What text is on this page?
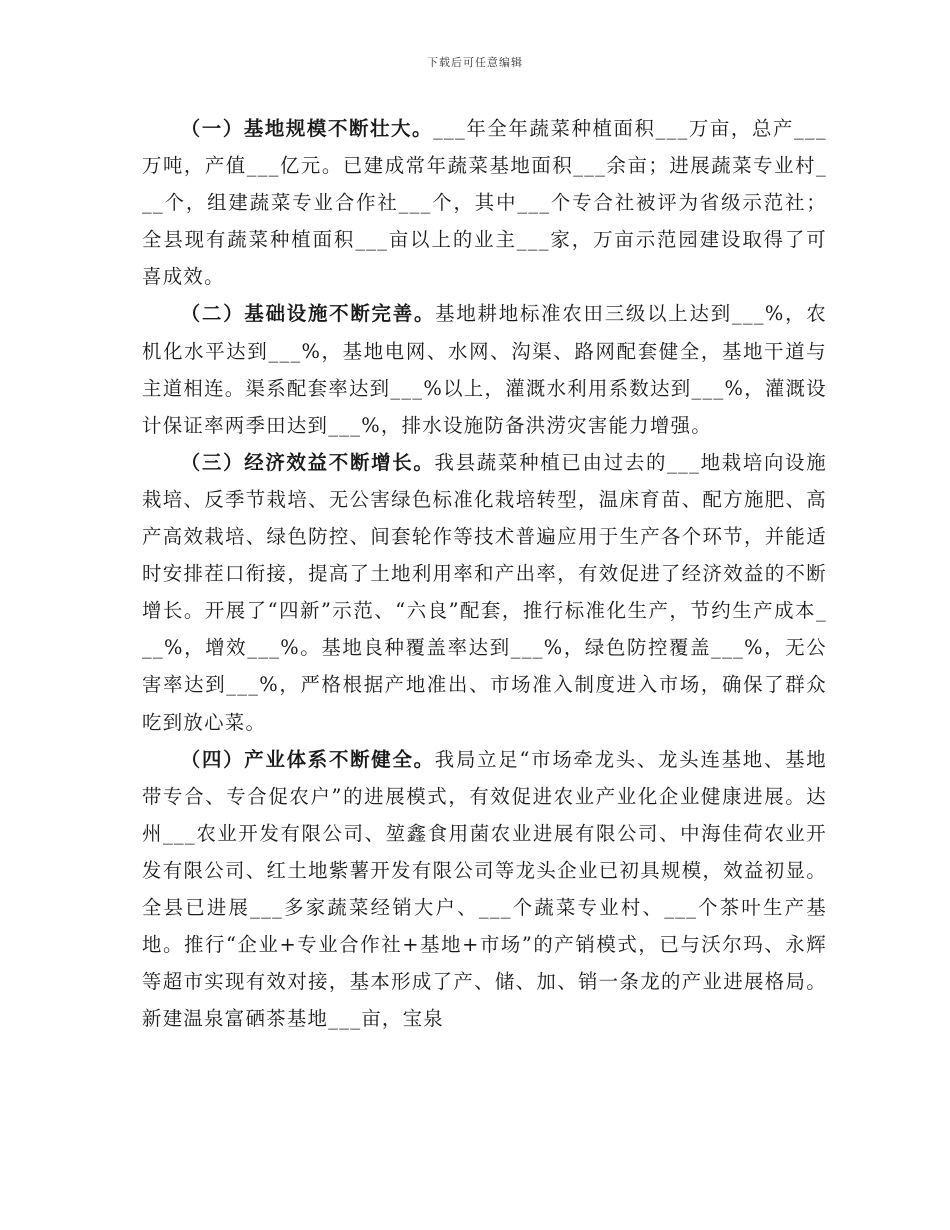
下载后可任意编辑

（一）基地规模不断壮大。___年全年蔬菜种植面积___万亩，总产___万吨，产值___亿元。已建成常年蔬菜基地面积___余亩；进展蔬菜专业村___个，组建蔬菜专业合作社___个，其中___个专合社被评为省级示范社；全县现有蔬菜种植面积___亩以上的业主___家，万亩示范园建设取得了可喜成效。

（二）基础设施不断完善。基地耕地标准农田三级以上达到___%，农机化水平达到___%，基地电网、水网、沟渠、路网配套健全，基地干道与主道相连。渠系配套率达到___%以上，灌溉水利用系数达到___%，灌溉设计保证率两季田达到___%，排水设施防备洪涝灾害能力增强。

（三）经济效益不断增长。我县蔬菜种植已由过去的___地栽培向设施栽培、反季节栽培、无公害绿色标准化栽培转型，温床育苗、配方施肥、高产高效栽培、绿色防控、间套轮作等技术普遍应用于生产各个环节，并能适时安排茬口衔接，提高了土地利用率和产出率，有效促进了经济效益的不断增长。开展了“四新”示范、“六良”配套，推行标准化生产，节约生产成本___%，增效___%。基地良种覆盖率达到___%，绿色防控覆盖___%，无公害率达到___%，严格根据产地准出、市场准入制度进入市场，确保了群众吃到放心菜。

（四）产业体系不断健全。我局立足“市场牵龙头、龙头连基地、基地带专合、专合促农户”的进展模式，有效促进农业产业化企业健康进展。达州___农业开发有限公司、堃鑫食用菌农业进展有限公司、中海佳荷农业开发有限公司、红土地紫薯开发有限公司等龙头企业已初具规模，效益初显。全县已进展___多家蔬菜经销大户、___个蔬菜专业村、___个茶叶生产基地。推行“企业+专业合作社+基地+市场”的产销模式，已与沃尔玛、永辉等超市实现有效对接，基本形成了产、储、加、销一条龙的产业进展格局。新建温泉富硒茶基地___亩，宝泉
